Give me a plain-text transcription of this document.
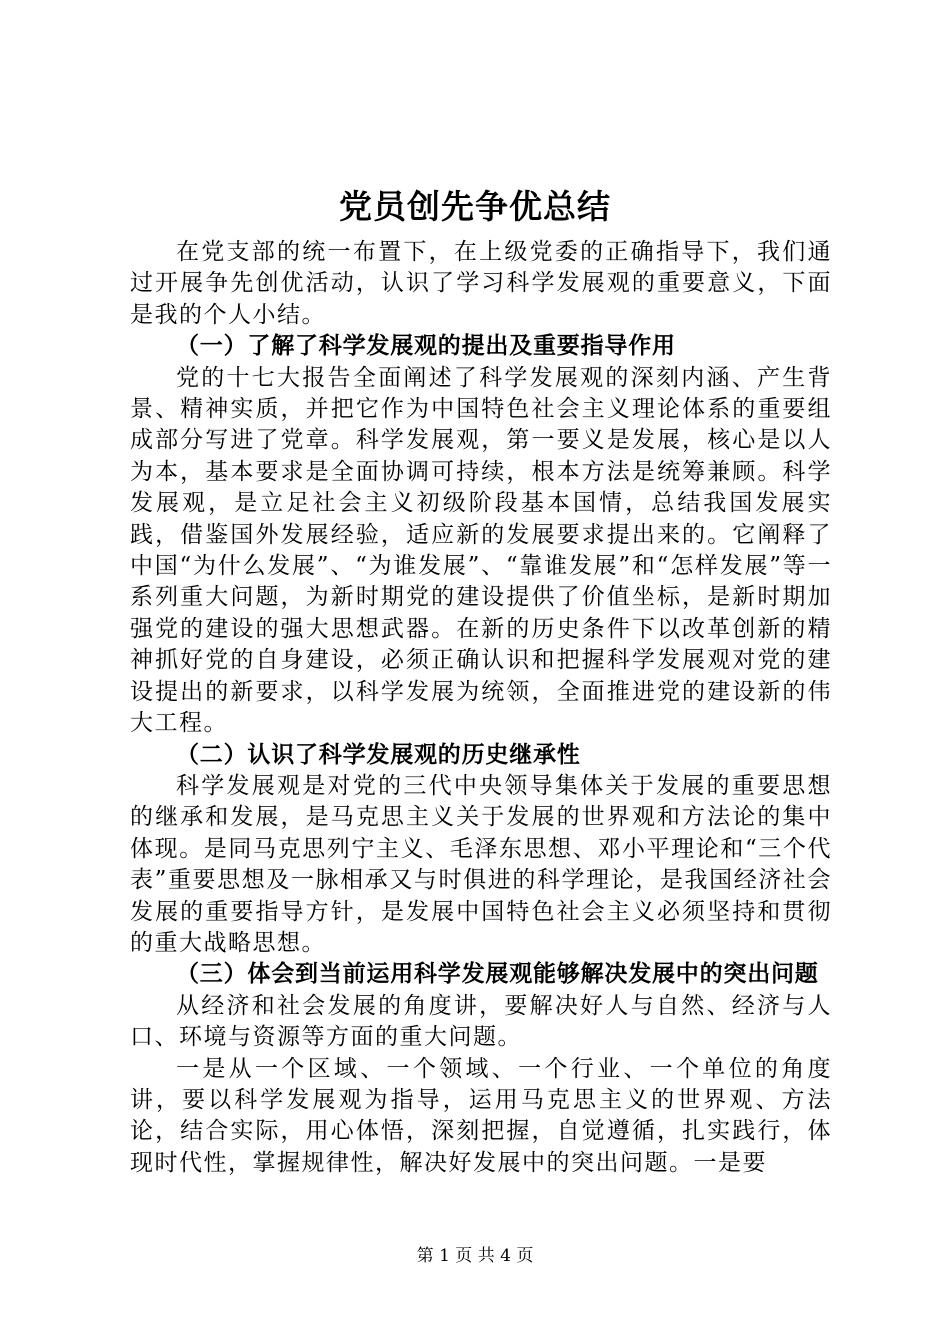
党员创先争优总结

在党支部的统一布置下，在上级党委的正确指导下，我们通过开展争先创优活动，认识了学习科学发展观的重要意义，下面是我的个人小结。

（一）了解了科学发展观的提出及重要指导作用

党的十七大报告全面阐述了科学发展观的深刻内涵、产生背景、精神实质，并把它作为中国特色社会主义理论体系的重要组成部分写进了党章。科学发展观，第一要义是发展，核心是以人为本，基本要求是全面协调可持续，根本方法是统筹兼顾。科学发展观，是立足社会主义初级阶段基本国情，总结我国发展实践，借鉴国外发展经验，适应新的发展要求提出来的。它阐释了中国“为什么发展”、“为谁发展”、“靠谁发展”和“怎样发展”等一系列重大问题，为新时期党的建设提供了价值坐标，是新时期加强党的建设的强大思想武器。在新的历史条件下以改革创新的精神抓好党的自身建设，必须正确认识和把握科学发展观对党的建设提出的新要求，以科学发展为统领，全面推进党的建设新的伟大工程。

（二）认识了科学发展观的历史继承性

科学发展观是对党的三代中央领导集体关于发展的重要思想的继承和发展，是马克思主义关于发展的世界观和方法论的集中体现。是同马克思列宁主义、毛泽东思想、邓小平理论和“三个代表”重要思想及一脉相承又与时俱进的科学理论，是我国经济社会发展的重要指导方针，是发展中国特色社会主义必须坚持和贯彻的重大战略思想。

（三）体会到当前运用科学发展观能够解决发展中的突出问题

从经济和社会发展的角度讲，要解决好人与自然、经济与人口、环境与资源等方面的重大问题。

一是从一个区域、一个领域、一个行业、一个单位的角度讲，要以科学发展观为指导，运用马克思主义的世界观、方法论，结合实际，用心体悟，深刻把握，自觉遵循，扎实践行，体现时代性，掌握规律性，解决好发展中的突出问题。一是要

第 1 页 共 4 页
